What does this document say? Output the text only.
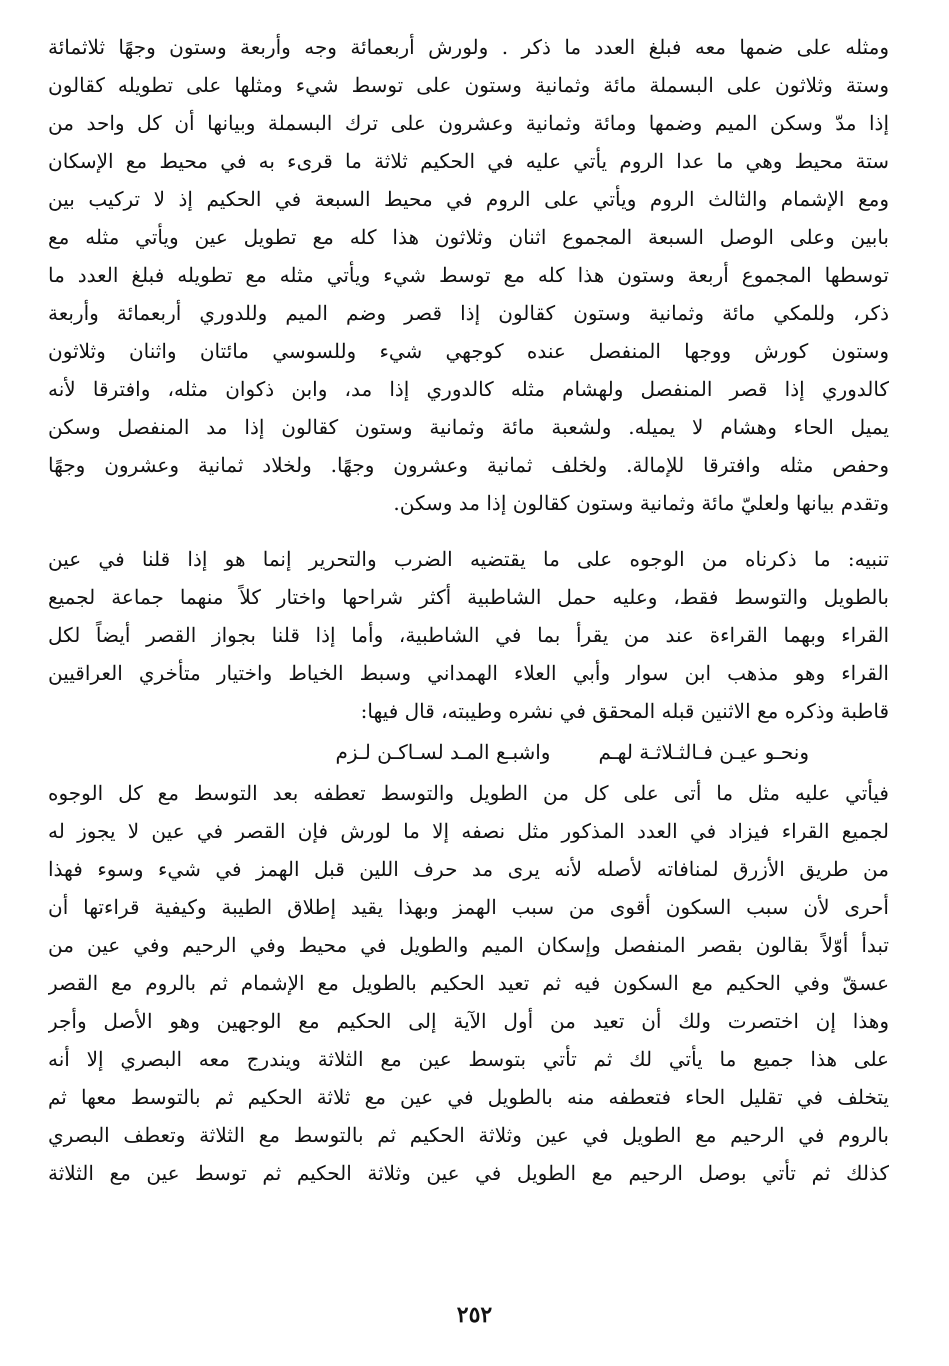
ومثله على ضمها معه فبلغ العدد ما ذكر . ولورش أربعمائة وجه وأربعة وستون وجهًا ثلاثمائة
وستة وثلاثون على البسملة مائة وثمانية وستون على توسط شيء ومثلها على تطويله كقالون
إذا مدّ وسكن الميم وضمها ومائة وثمانية وعشرون على ترك البسملة وبيانها أن كل واحد من
ستة محيط وهي ما عدا الروم يأتي عليه في الحكيم ثلاثة ما قرىء به في محيط مع الإسكان
ومع الإشمام والثالث الروم ويأتي على الروم في محيط السبعة في الحكيم إذ لا تركيب بين
بابين وعلى الوصل السبعة المجموع اثنان وثلاثون هذا كله مع تطويل عين ويأتي مثله مع
توسطها المجموع أربعة وستون هذا كله مع توسط شيء ويأتي مثله مع تطويله فبلغ العدد ما
ذكر، وللمكي مائة وثمانية وستون كقالون إذا قصر وضم الميم وللدوري أربعمائة وأربعة
وستون كورش ووجها المنفصل عنده كوجهي شيء وللسوسي مائتان واثنان وثلاثون
كالدوري إذا قصر المنفصل ولهشام مثله كالدوري إذا مد، وابن ذكوان مثله، وافترقا لأنه
يميل الحاء وهشام لا يميله. ولشعبة مائة وثمانية وستون كقالون إذا مد المنفصل وسكن
وحفص مثله وافترقا للإمالة. ولخلف ثمانية وعشرون وجهًا. ولخلاد ثمانية وعشرون وجهًا
وتقدم بيانها ولعليّ مائة وثمانية وستون كقالون إذا مد وسكن.
تنبيه: ما ذكرناه من الوجوه على ما يقتضيه الضرب والتحرير إنما هو إذا قلنا في عين
بالطويل والتوسط فقط، وعليه حمل الشاطبية أكثر شراحها واختار كلاً منهما جماعة لجميع
القراء وبهما القراءة عند من يقرأ بما في الشاطبية، وأما إذا قلنا بجواز القصر أيضاً لكل
القراء وهو مذهب ابن سوار وأبي العلاء الهمداني وسبط الخياط واختيار متأخري العراقيين
قاطبة وذكره مع الاثنين قبله المحقق في نشره وطيبته، قال فيها:
ونحـو عيـن فـالثـلاثـة لهـم
واشبـع المـد لسـاكـن لـزم
فيأتي عليه مثل ما أتى على كل من الطويل والتوسط تعطفه بعد التوسط مع كل الوجوه
لجميع القراء فيزاد في العدد المذكور مثل نصفه إلا ما لورش فإن القصر في عين لا يجوز له
من طريق الأزرق لمنافاته لأصله لأنه يرى مد حرف اللين قبل الهمز في شيء وسوء فهذا
أحرى لأن سبب السكون أقوى من سبب الهمز وبهذا يقيد إطلاق الطيبة وكيفية قراءتها أن
تبدأ أوّلاً بقالون بقصر المنفصل وإسكان الميم والطويل في محيط وفي الرحيم وفي عين من
عسقّ وفي الحكيم مع السكون فيه ثم تعيد الحكيم بالطويل مع الإشمام ثم بالروم مع القصر
وهذا إن اختصرت ولك أن تعيد من أول الآية إلى الحكيم مع الوجهين وهو الأصل وأجر
على هذا جميع ما يأتي لك ثم تأتي بتوسط عين مع الثلاثة ويندرج معه البصري إلا أنه
يتخلف في تقليل الحاء فتعطفه منه بالطويل في عين مع ثلاثة الحكيم ثم بالتوسط معها ثم
بالروم في الرحيم مع الطويل في عين وثلاثة الحكيم ثم بالتوسط مع الثلاثة وتعطف البصري
كذلك ثم تأتي بوصل الرحيم مع الطويل في عين وثلاثة الحكيم ثم توسط عين مع الثلاثة
٢٥٢
